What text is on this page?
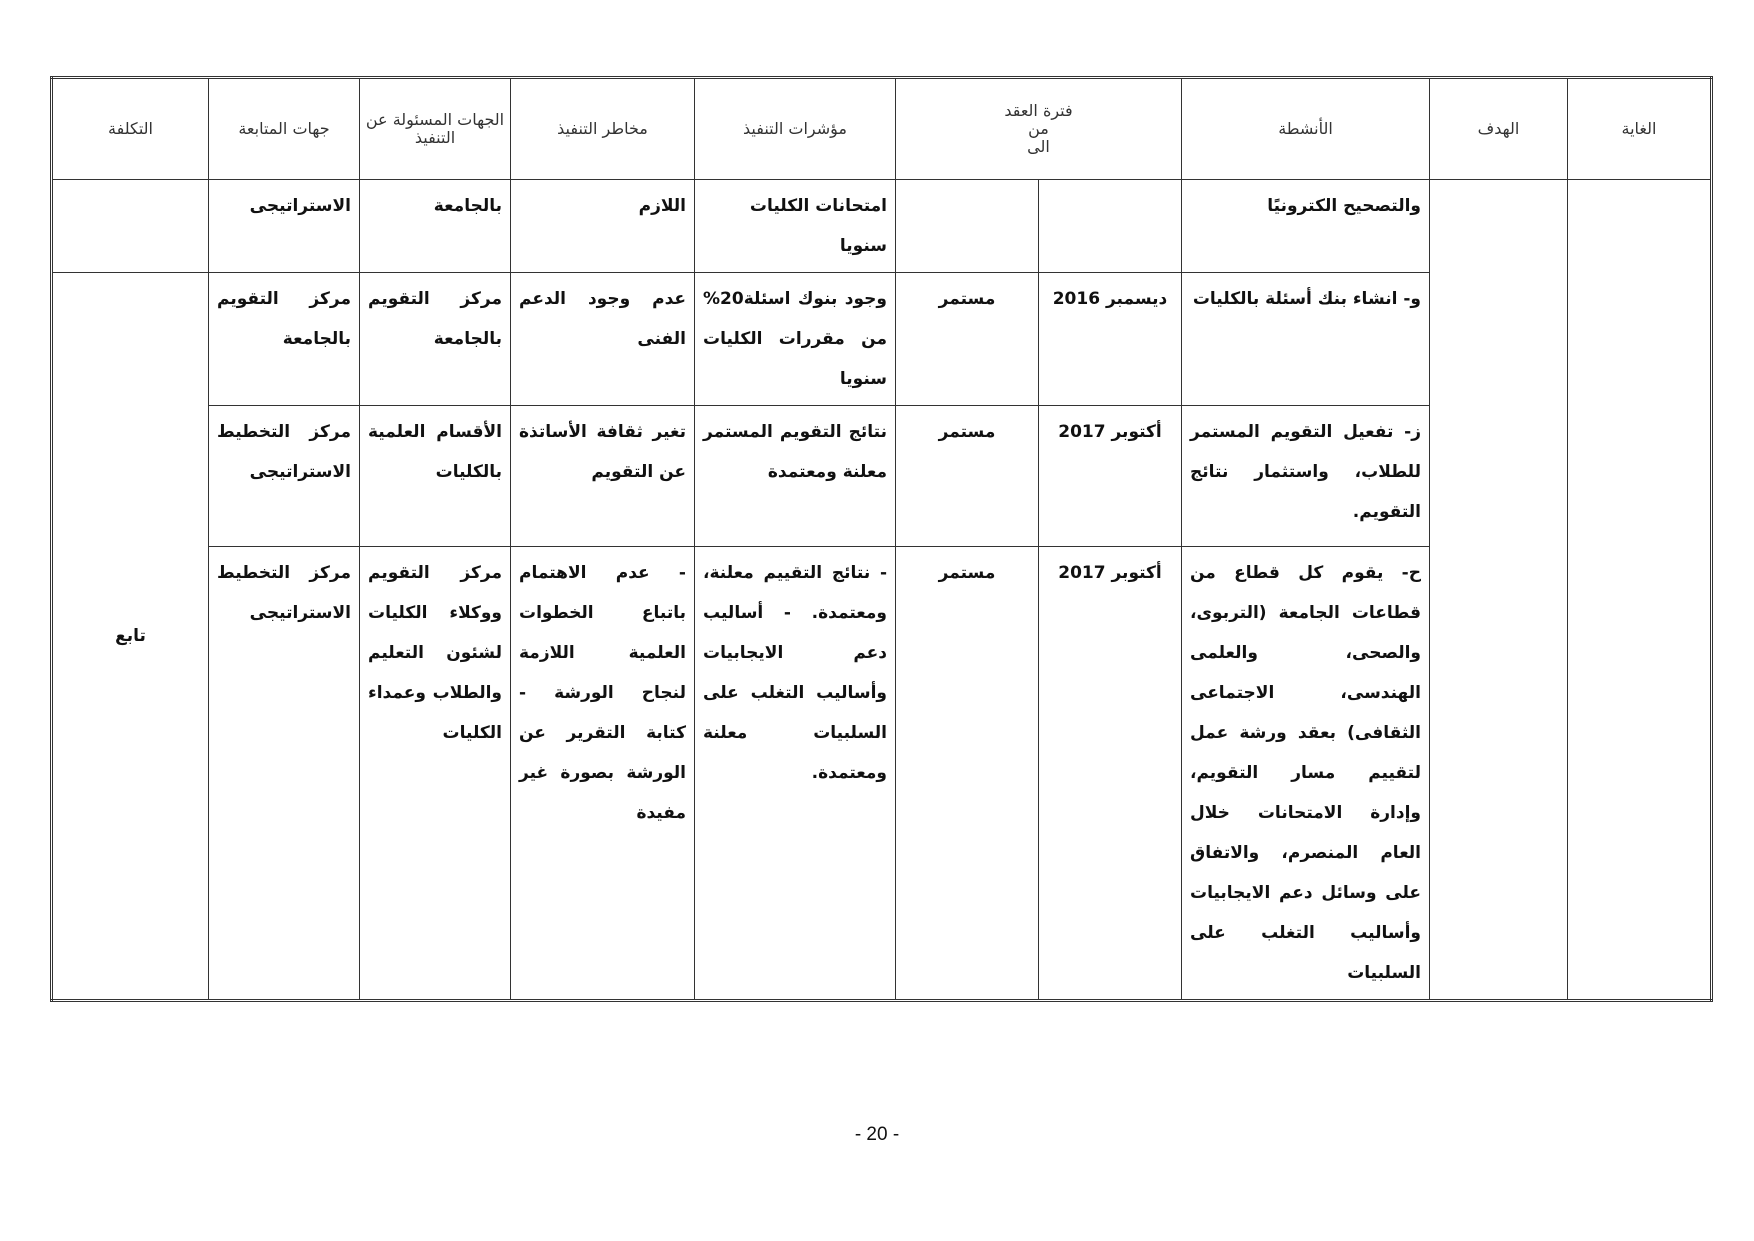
الغاية	الهدف	الأنشطة	فترة العقد
من
الى		مؤشرات التنفيذ	مخاطر التنفيذ	الجهات المسئولة عن التنفيذ	جهات المتابعة	التكلفة
		والتصحيح الكترونيًا			امتحانات الكليات سنويا	اللازم	بالجامعة	الاستراتيجى	
		و- انشاء بنك أسئلة بالكليات	ديسمبر 2016	مستمر	وجود بنوك اسئلة20% من مقررات الكليات سنويا	عدم وجود الدعم الفنى	مركز التقويم بالجامعة	مركز التقويم بالجامعة	تابع
		ز- تفعيل التقويم المستمر للطلاب، واستثمار نتائج التقويم.	أكتوبر 2017	مستمر	نتائج التقويم المستمر معلنة ومعتمدة	تغير ثقافة الأساتذة عن التقويم	الأقسام العلمية بالكليات	مركز التخطيط الاستراتيجى	
		ح- يقوم كل قطاع من قطاعات الجامعة (التربوى، والصحى، والعلمى الهندسى، الاجتماعى الثقافى) بعقد ورشة عمل لتقييم مسار التقويم، وإدارة الامتحانات خلال العام المنصرم، والاتفاق على وسائل دعم الايجابيات وأساليب التغلب على السلبيات	أكتوبر 2017	مستمر	- نتائج التقييم معلنة، ومعتمدة. - أساليب دعم الايجابيات وأساليب التغلب على السلبيات معلنة ومعتمدة.	- عدم الاهتمام باتباع الخطوات العلمية اللازمة لنجاح الورشة - كتابة التقرير عن الورشة بصورة غير مفيدة	مركز التقويم ووكلاء الكليات لشئون التعليم والطلاب وعمداء الكليات	مركز التخطيط الاستراتيجى	
- 20 -
